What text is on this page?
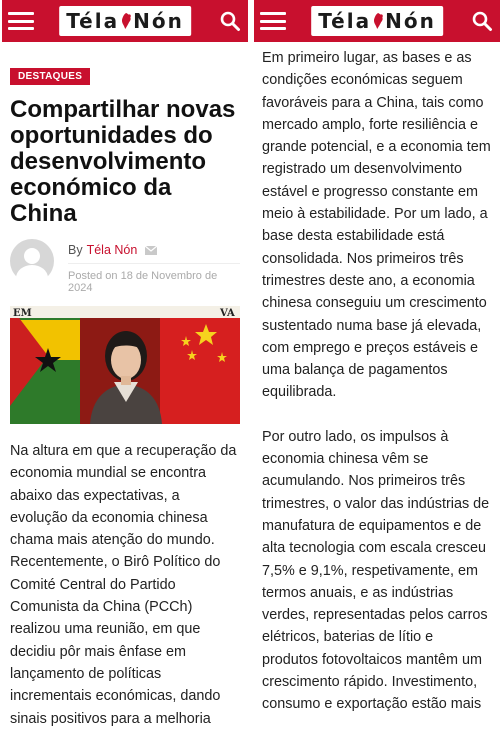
Téla Nón
DESTAQUES
Compartilhar novas oportunidades do desenvolvimento económico da China
By Téla Nón
Posted on 18 de Novembro de 2024
EM	VA

Na altura em que a recuperação da economia mundial se encontra abaixo das expectativas, a evolução da economia chinesa chama mais atenção do mundo. Recentemente, o Birô Político do Comité Central do Partido Comunista da China (PCCh) realizou uma reunião, em que decidiu pôr mais ênfase em lançamento de políticas incrementais económicas, dando sinais positivos para a melhoria

Téla Nón

Em primeiro lugar, as bases e as condições económicas seguem favoráveis para a China, tais como mercado amplo, forte resiliência e grande potencial, e a economia tem registrado um desenvolvimento estável e progresso constante em meio à estabilidade. Por um lado, a base desta estabilidade está consolidada. Nos primeiros três trimestres deste ano, a economia chinesa conseguiu um crescimento sustentado numa base já elevada, com emprego e preços estáveis e uma balança de pagamentos equilibrada.

Por outro lado, os impulsos à economia chinesa vêm se acumulando. Nos primeiros três trimestres, o valor das indústrias de manufatura de equipamentos e de alta tecnologia com escala cresceu 7,5% e 9,1%, respetivamente, em termos anuais, e as indústrias verdes, representadas pelos carros elétricos, baterias de lítio e produtos fotovoltaicos mantêm um crescimento rápido. Investimento, consumo e exportação estão mais
